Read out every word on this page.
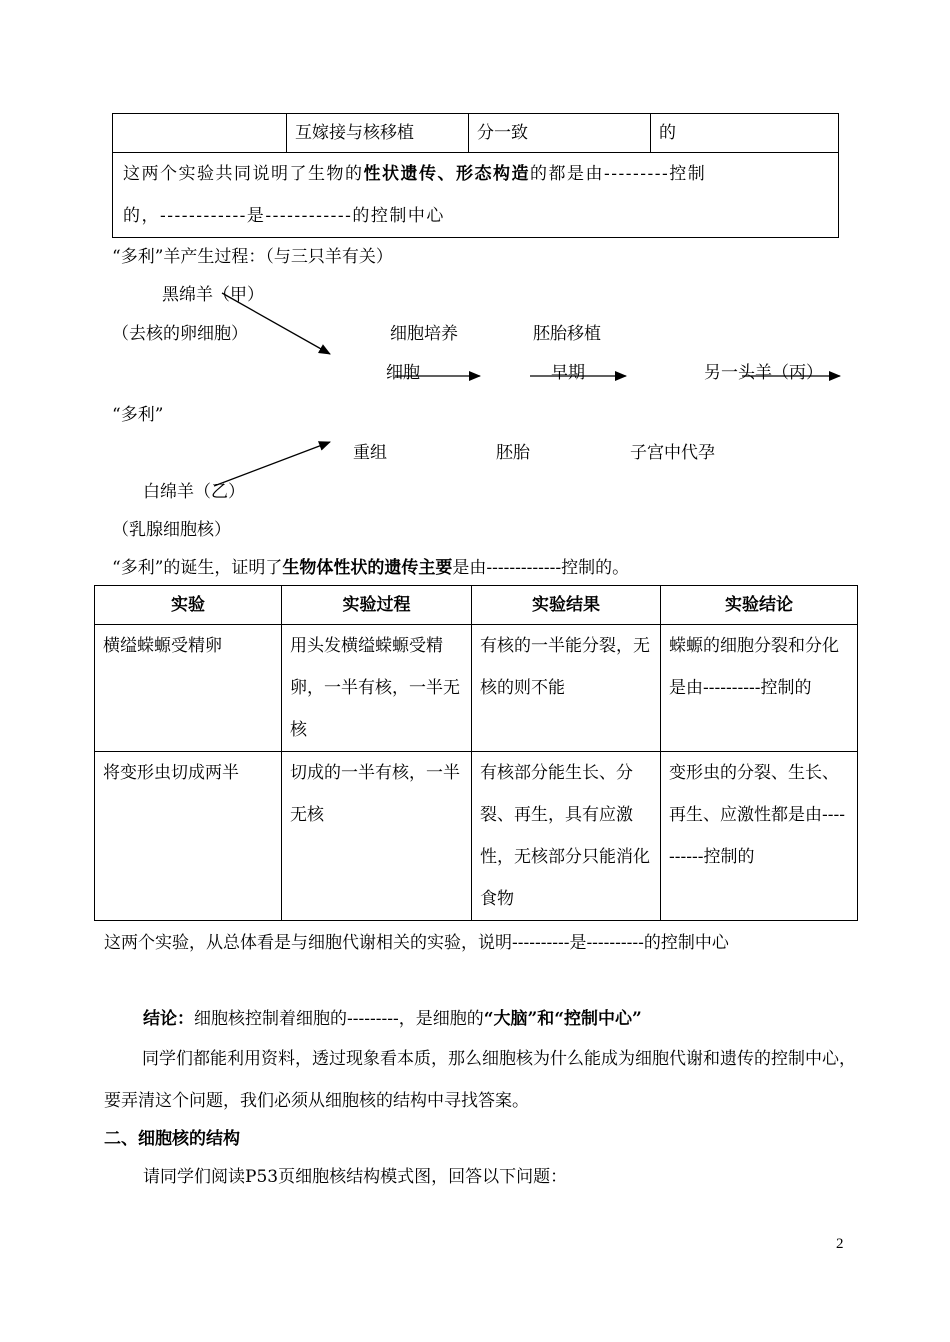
	互嫁接与核移植	分一致	的
这两个实验共同说明了生物的性状遗传、形态构造的都是由---------控制
的，------------是------------的控制中心
“多利”羊产生过程：（与三只羊有关）
黑绵羊（甲）
（去核的卵细胞）	细胞培养	胚胎移植
细胞	早期	另一头羊（丙）
“多利”
重组	胚胎	子宫中代孕
白绵羊（乙）
（乳腺细胞核）
“多利”的诞生，证明了生物体性状的遗传主要是由-------------控制的。
实验	实验过程	实验结果	实验结论
横缢蝾螈受精卵	用头发横缢蝾螈受精卵，一半有核，一半无核	有核的一半能分裂，无核的则不能	蝾螈的细胞分裂和分化是由----------控制的
将变形虫切成两半	切成的一半有核，一半无核	有核部分能生长、分裂、再生，具有应激性，无核部分只能消化食物	变形虫的分裂、生长、再生、应激性都是由----------控制的
这两个实验，从总体看是与细胞代谢相关的实验，说明----------是----------的控制中心
结论：细胞核控制着细胞的---------，是细胞的“大脑”和“控制中心”
同学们都能利用资料，透过现象看本质，那么细胞核为什么能成为细胞代谢和遗传的控制中心，要弄清这个问题，我们必须从细胞核的结构中寻找答案。
二、细胞核的结构
请同学们阅读P53页细胞核结构模式图，回答以下问题：
2
